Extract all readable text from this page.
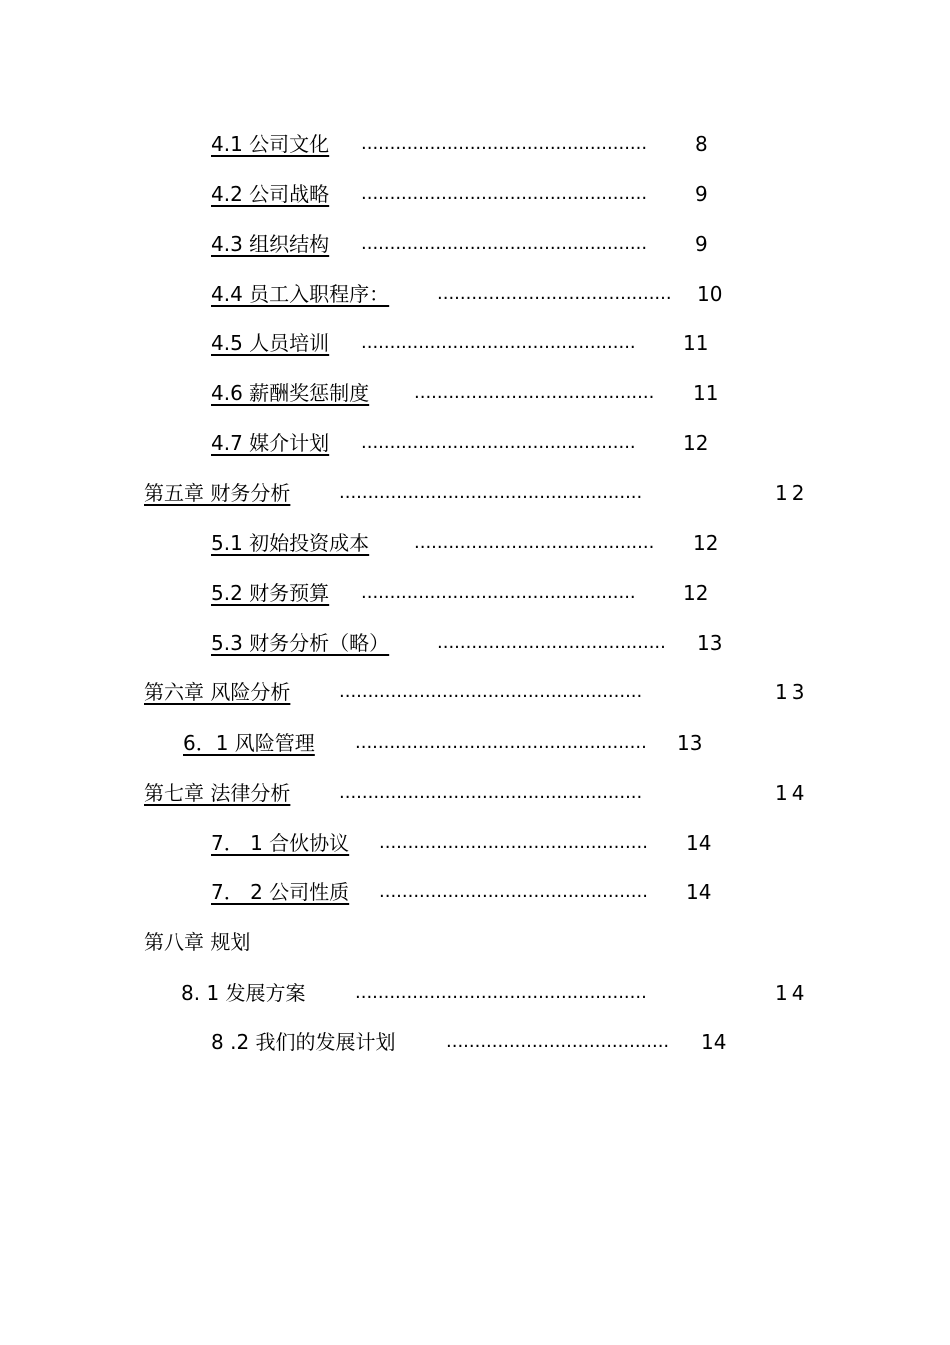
4.1 公司文化 ..................................................	8
4.2 公司战略 ..................................................	9
4.3 组织结构 ..................................................	9
4.4 员工入职程序：	.........................................	10
4.5 人员培训 ................................................	11
4.6 薪酬奖惩制度 ..........................................	11
4.7 媒介计划 ................................................	12
第五章 财务分析	.....................................................	12
5.1 初始投资成本 ..........................................	12
5.2 财务预算 ................................................	12
5.3 财务分析（略）	........................................	13
第六章 风险分析	.....................................................	13
6．1 风险管理 ...................................................	13
第七章 法律分析	.....................................................	14
7． 1 合伙协议 ...............................................	14
7． 2 公司性质 ...............................................	14
第八章 规划
8. 1 发展方案	...................................................	14
8 .2 我们的发展计划	.......................................	14
